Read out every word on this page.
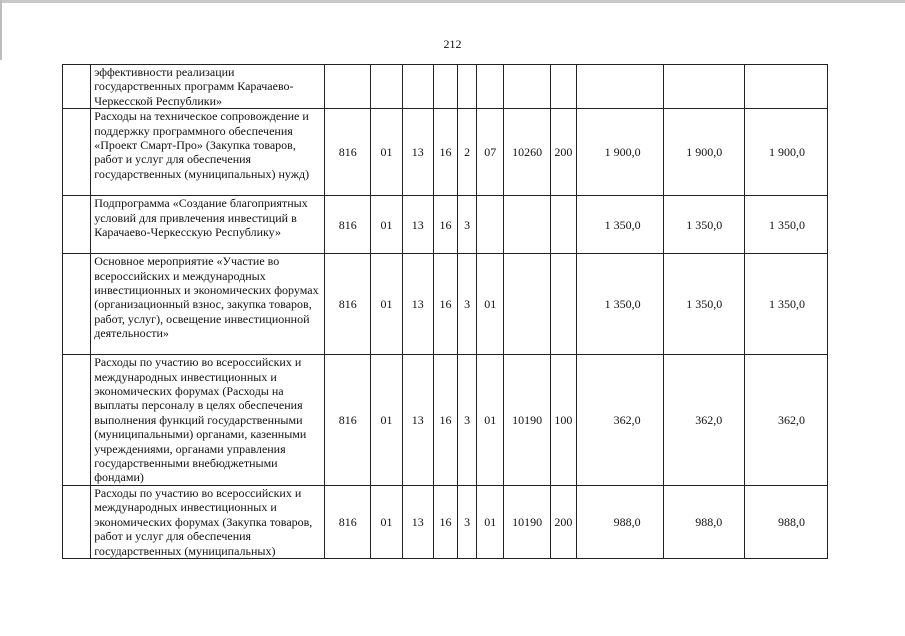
212
	эффективности реализации государственных программ Карачаево-Черкесской Республики»											
	Расходы на техническое сопровождение и поддержку программного обеспечения «Проект Смарт-Про» (Закупка товаров, работ и услуг для обеспечения государственных (муниципальных) нужд)	816	01	13	16	2	07	10260	200	1 900,0	1 900,0	1 900,0
	Подпрограмма «Создание благоприятных условий для привлечения инвестиций в Карачаево-Черкесскую Республику»	816	01	13	16	3				1 350,0	1 350,0	1 350,0
	Основное мероприятие «Участие во всероссийских и международных инвестиционных и экономических форумах (организационный взнос, закупка товаров, работ, услуг), освещение инвестиционной деятельности»	816	01	13	16	3	01			1 350,0	1 350,0	1 350,0
	Расходы по участию во всероссийских и международных инвестиционных и экономических форумах (Расходы на выплаты персоналу в целях обеспечения выполнения функций государственными (муниципальными) органами, казенными учреждениями, органами управления государственными внебюджетными фондами)	816	01	13	16	3	01	10190	100	362,0	362,0	362,0
	Расходы по участию во всероссийских и международных инвестиционных и экономических форумах (Закупка товаров, работ и услуг для обеспечения государственных (муниципальных)	816	01	13	16	3	01	10190	200	988,0	988,0	988,0
